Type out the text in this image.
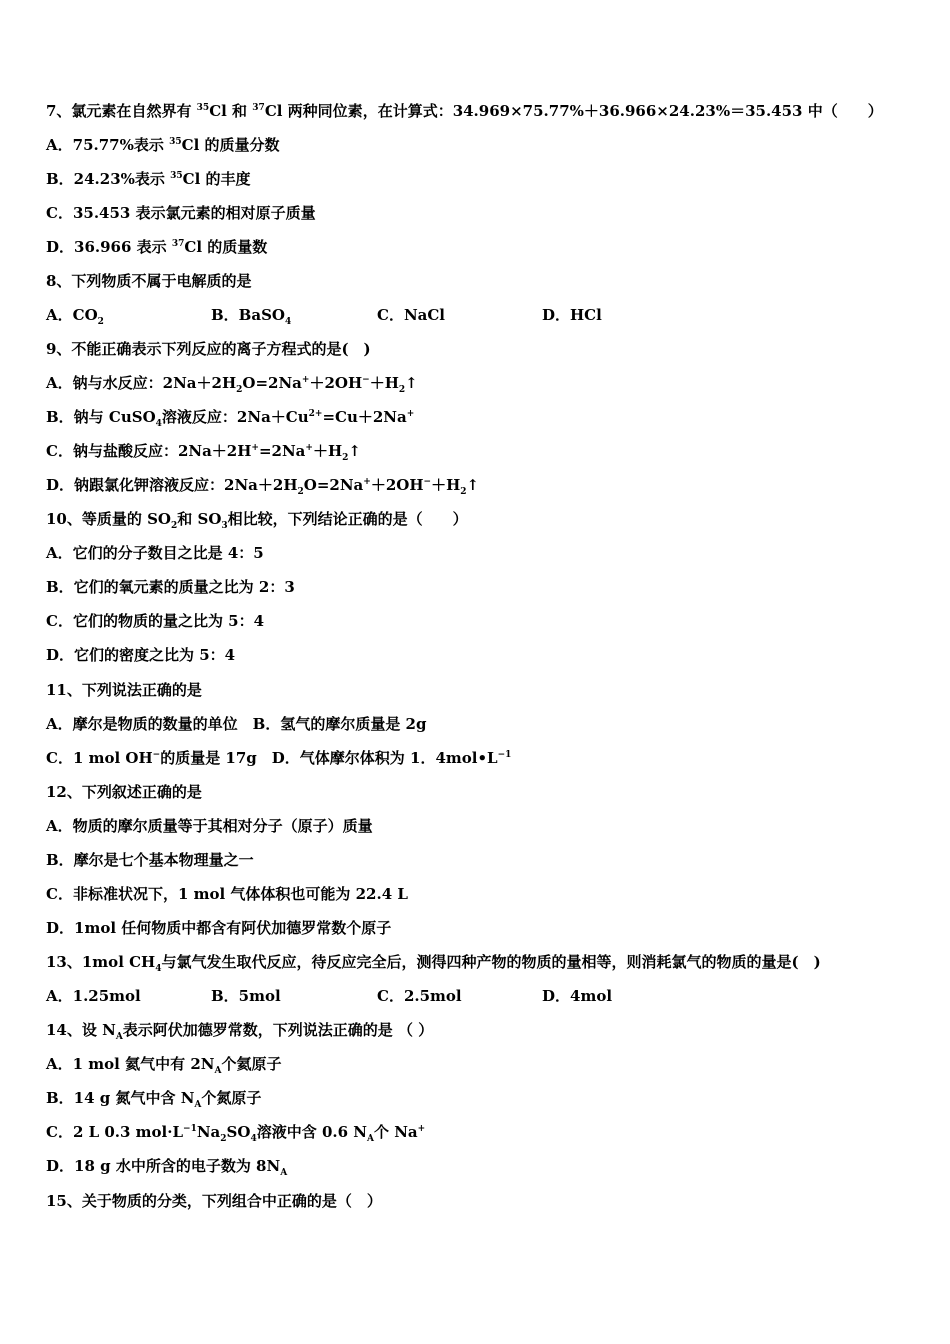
7、氯元素在自然界有 $^{35}$Cl 和 $^{37}$Cl 两种同位素，在计算式：34.969×75.77%＋36.966×24.23%＝35.453 中（　　）
A．75.77%表示 $^{35}$Cl 的质量分数
B．24.23%表示 $^{35}$Cl 的丰度
C．35.453 表示氯元素的相对原子质量
D．36.966 表示 $^{37}$Cl 的质量数
8、下列物质不属于电解质的是
A．$CO_2$	B．BaSO$_4$	C．NaCl	D．HCl
9、不能正确表示下列反应的离子方程式的是(　)
A．钠与水反应：$2Na+2H_2O=2Na^++2OH^-+H_2↑$
B．钠与 CuSO$_4$溶液反应：$2Na+Cu^{2+}=Cu+2Na^+$
C．钠与盐酸反应：$2Na+2H^+=2Na^++H_2↑$
D．钠跟氯化钾溶液反应：$2Na+2H_2O=2Na^++2OH^-+H_2↑$
10、等质量的 $SO_2$和 $SO_3$相比较，下列结论正确的是（　　）
A．它们的分子数目之比是 4：5
B．它们的氧元素的质量之比为 2：3
C．它们的物质的量之比为 5：4
D．它们的密度之比为 5：4
11、下列说法正确的是
A．摩尔是物质的数量的单位　B．氢气的摩尔质量是 2g
C．1 mol OH−的质量是 17g　D．气体摩尔体积为 1．$4mol•L^{-1}$
12、下列叙述正确的是
A．物质的摩尔质量等于其相对分子（原子）质量
B．摩尔是七个基本物理量之一
C．非标准状况下，1 mol 气体体积也可能为 22.4 L
D．1mol 任何物质中都含有阿伏加德罗常数个原子
13、1mol $CH_4$与氯气发生取代反应，待反应完全后，测得四种产物的物质的量相等，则消耗氯气的物质的量是(　)
A．1.25mol	B．5mol	C．2.5mol	D．4mol
14、设 $N_A$表示阿伏加德罗常数，下列说法正确的是 （ ）
A．1 mol 氦气中有 $2N_A$个氦原子
B．14 g 氮气中含 $N_A$个氮原子
C．2 L 0.3 $mol\cdot L^{-1}Na_2SO_4$溶液中含 0.6 $N_A$个 Na+
D．18 g 水中所含的电子数为 $8N_A$
15、关于物质的分类，下列组合中正确的是（　）
